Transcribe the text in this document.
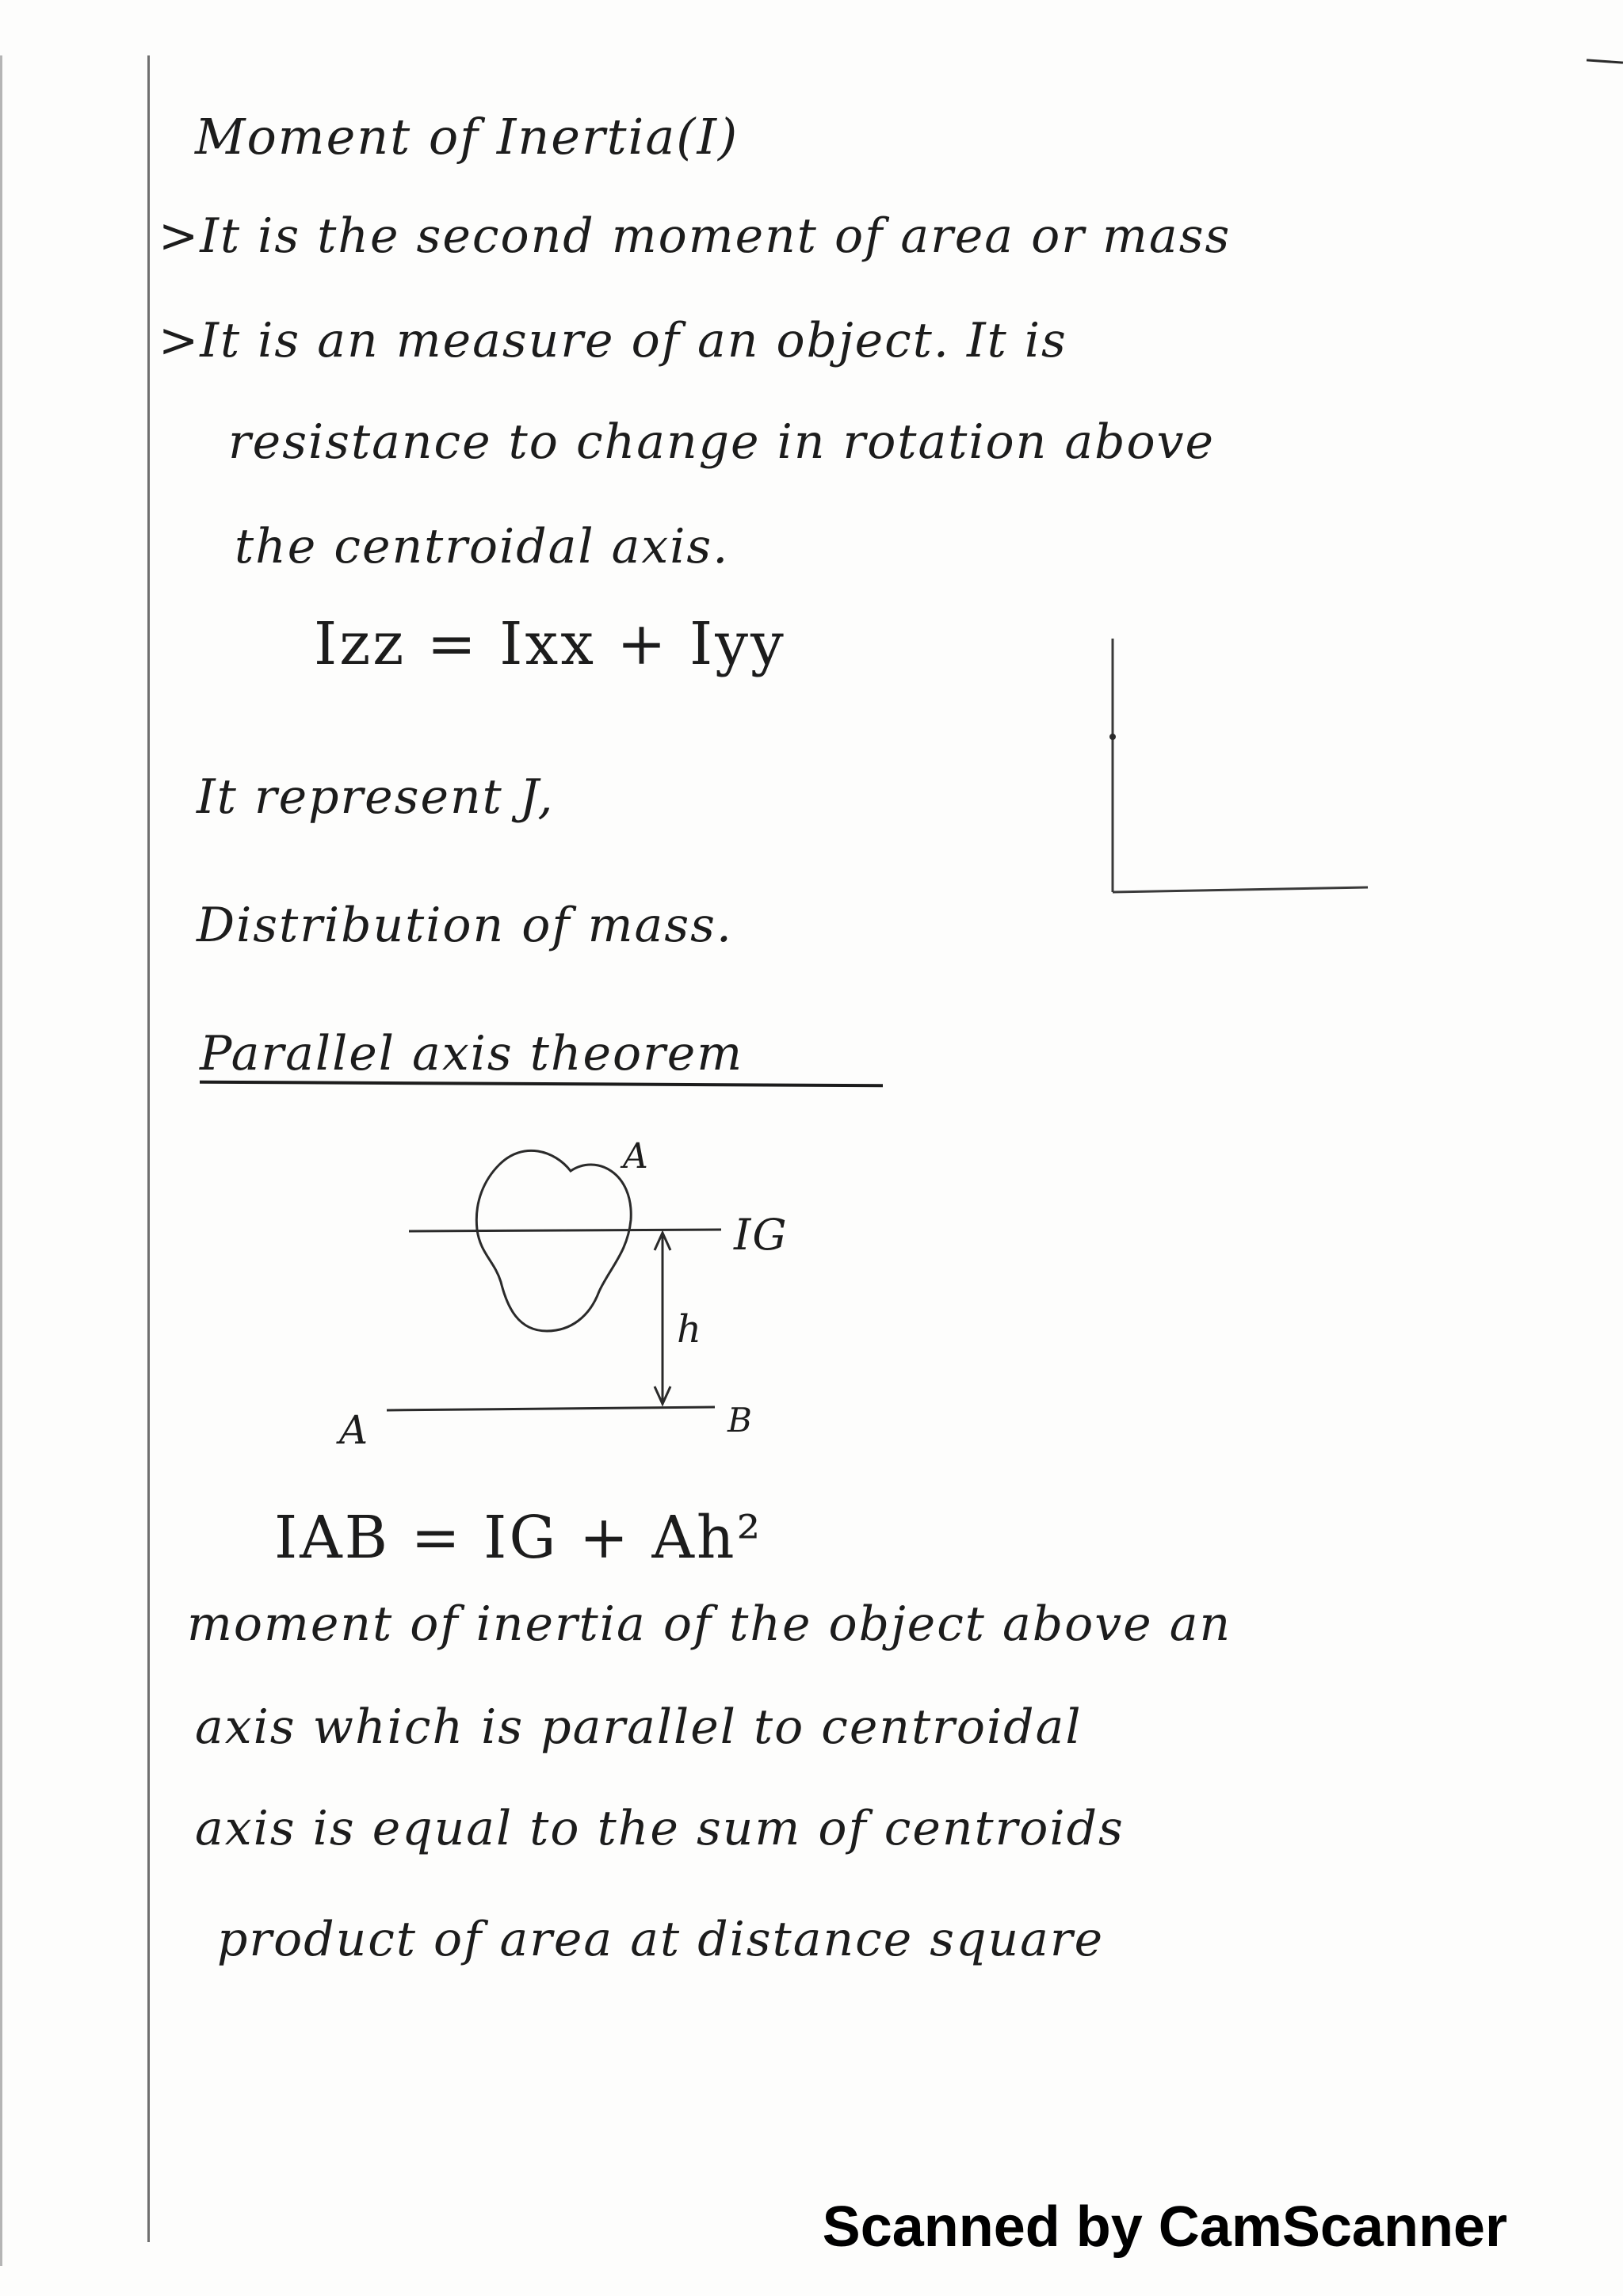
Moment of Inertia(I)
>It is the second moment of area or mass
>It is an measure of an object. It is
resistance to change in rotation above
the centroidal axis.
Izz = Ixx + Iyy
It represent J,
Distribution of mass.
Parallel axis theorem
A
IG
h
A	B
IAB = IG + Ah²
moment of inertia of the object above an
axis which is parallel to centroidal
axis is equal to the sum of centroids
product of area at distance square
Scanned by CamScanner
